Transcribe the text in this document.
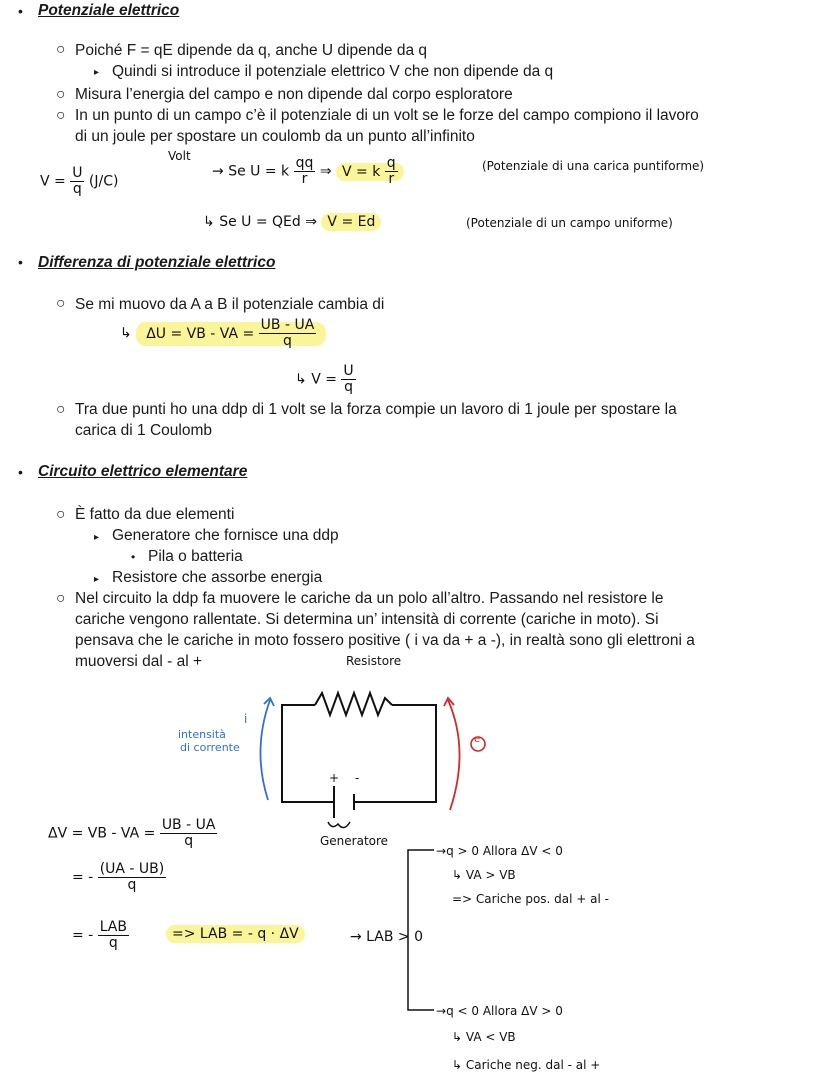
• Potenziale elettrico
○ Poiché F = qE dipende da q, anche U dipende da q
▸ Quindi si introduce il potenziale elettrico V che non dipende da q
○ Misura l’energia del campo e non dipende dal corpo esploratore
○ In un punto di un campo c’è il potenziale di un volt se le forze del campo compiono il lavoro
di un joule per spostare un coulomb da un punto all’infinito
$V = \frac{U}{q} (J/C)$
Volt
→ Se U = k $\frac{qq}{r}$ ⇒ V = k $\frac{q}{r}$	(Potenziale di una carica puntiforme)
↳ Se U = QEd ⇒ V = Ed	(Potenziale di un campo uniforme)
• Differenza di potenziale elettrico
○ Se mi muovo da A a B il potenziale cambia di
↳ ΔU = VB - VA = $\frac{UB - UA}{q}$
↳ $V = \frac{U}{q}$
○ Tra due punti ho una ddp di 1 volt se la forza compie un lavoro di 1 joule per spostare la
carica di 1 Coulomb
• Circuito elettrico elementare
○ È fatto da due elementi
▸ Generatore che fornisce una ddp
• Pila o batteria
▸ Resistore che assorbe energia
○ Nel circuito la ddp fa muovere le cariche da un polo all’altro. Passando nel resistore le
cariche vengono rallentate. Si determina un’ intensità di corrente (cariche in moto). Si
pensava che le cariche in moto fossero positive ( i va da + a -), in realtà sono gli elettroni a
muoversi dal - al +	Resistore
intensità
di corrente
i
+ -
e
Generatore
ΔV = VB - VA = $\frac{UB - UA}{q}$
= - $\frac{(UA - UB)}{q}$
= - $\frac{\text{LAB}}{q}$	=> LAB = - q · ΔV	→ LAB > 0
→q > 0 Allora ΔV < 0
↳ VA > VB
=> Cariche pos. dal + al -
→q < 0 Allora ΔV > 0
↳ VA < VB
↳ Cariche neg. dal - al +
